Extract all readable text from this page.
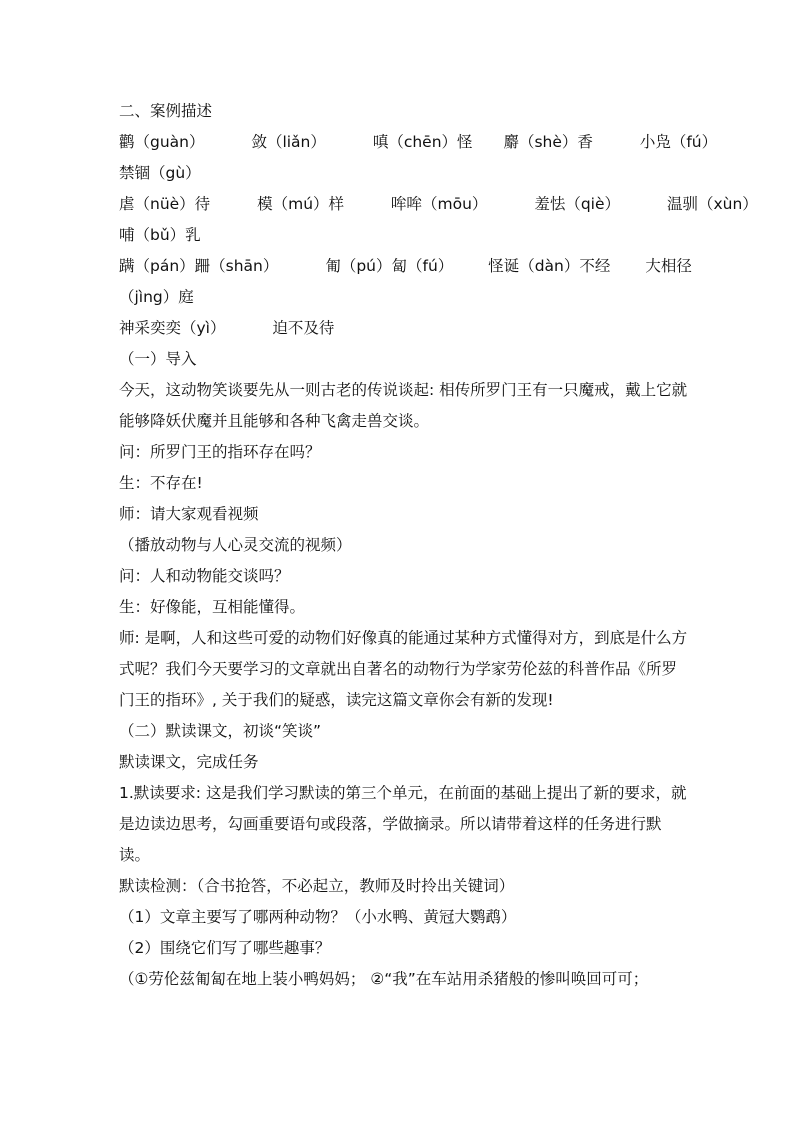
二、案例描述
鹳（guàn）	敛（liǎn）	嗔（chēn）怪 麝（shè）香	小凫（fú）
禁锢（gù）
虐（nüè）待	模（mú）样	哞哞（mōu）	羞怯（qiè）	温驯（xùn）
哺（bǔ）乳
蹒（pán）跚（shān）	匍（pú）匐（fú） 怪诞（dàn）不经 大相径
（jìng）庭
神采奕奕（yì）	迫不及待
（一）导入
今天，这动物笑谈要先从一则古老的传说谈起: 相传所罗门王有一只魔戒，戴上它就能够降妖伏魔并且能够和各种飞禽走兽交谈。
问：所罗门王的指环存在吗？
生：不存在!
师：请大家观看视频
（播放动物与人心灵交流的视频）
问：人和动物能交谈吗？
生：好像能，互相能懂得。
师: 是啊，人和这些可爱的动物们好像真的能通过某种方式懂得对方，到底是什么方式呢？我们今天要学习的文章就出自著名的动物行为学家劳伦兹的科普作品《所罗门王的指环》, 关于我们的疑惑，读完这篇文章你会有新的发现!
（二）默读课文，初谈“笑谈”
默读课文，完成任务
1.默读要求: 这是我们学习默读的第三个单元，在前面的基础上提出了新的要求，就是边读边思考，勾画重要语句或段落，学做摘录。所以请带着这样的任务进行默读。
默读检测：（合书抢答，不必起立，教师及时拎出关键词）
（1）文章主要写了哪两种动物？（小水鸭、黄冠大鹦鹉）
（2）围绕它们写了哪些趣事？
（①劳伦兹匍匐在地上装小鸭妈妈； ②“我”在车站用杀猪般的惨叫唤回可可；
